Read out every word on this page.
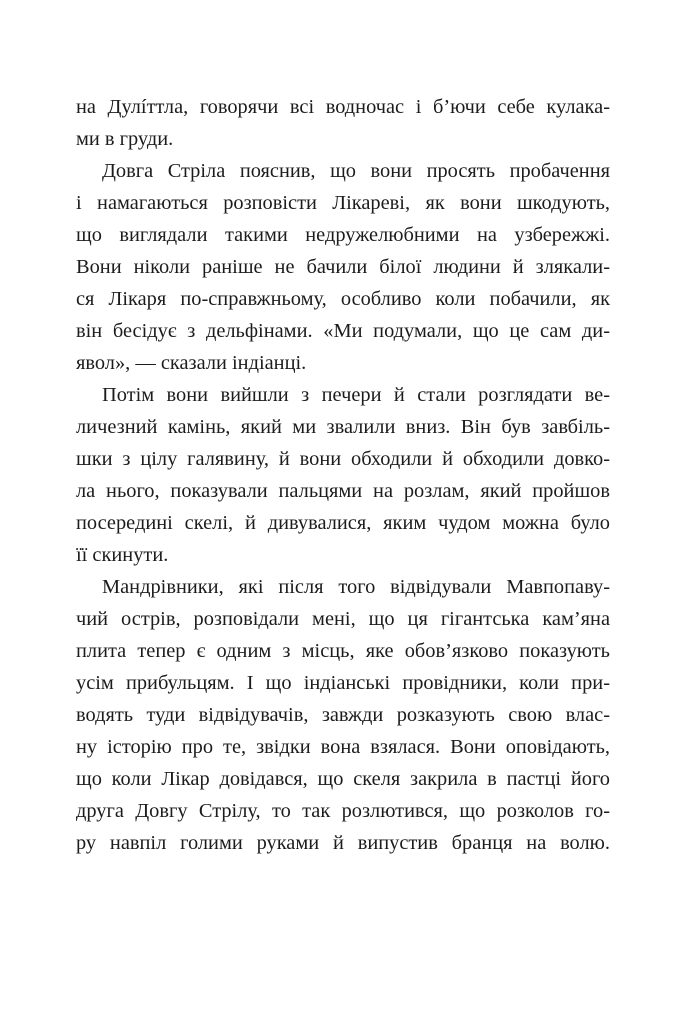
на Дулíттла, говорячи всі водночас і б’ючи себе кулака-
ми в груди.

Довга Стріла пояснив, що вони просять пробачення
і намагаються розповісти Лікареві, як вони шкодують,
що виглядали такими недружелюбними на узбережжі.
Вони ніколи раніше не бачили білої людини й злякали-
ся Лікаря по-справжньому, особливо коли побачили, як
він бесідує з дельфінами. «Ми подумали, що це сам ди-
явол», — сказали індіанці.

Потім вони вийшли з печери й стали розглядати ве-
личезний камінь, який ми звалили вниз. Він був завбіль-
шки з цілу галявину, й вони обходили й обходили довко-
ла нього, показували пальцями на розлам, який пройшов
посередині скелі, й дивувалися, яким чудом можна було
її скинути.

Мандрівники, які після того відвідували Мавпопаву-
чий острів, розповідали мені, що ця гігантська кам’яна
плита тепер є одним з місць, яке обов’язково показують
усім прибульцям. І що індіанські провідники, коли при-
водять туди відвідувачів, завжди розказують свою влас-
ну історію про те, звідки вона взялася. Вони оповідають,
що коли Лікар довідався, що скеля закрила в пастці його
друга Довгу Стрілу, то так розлютився, що розколов го-
ру навпіл голими руками й випустив бранця на волю.
